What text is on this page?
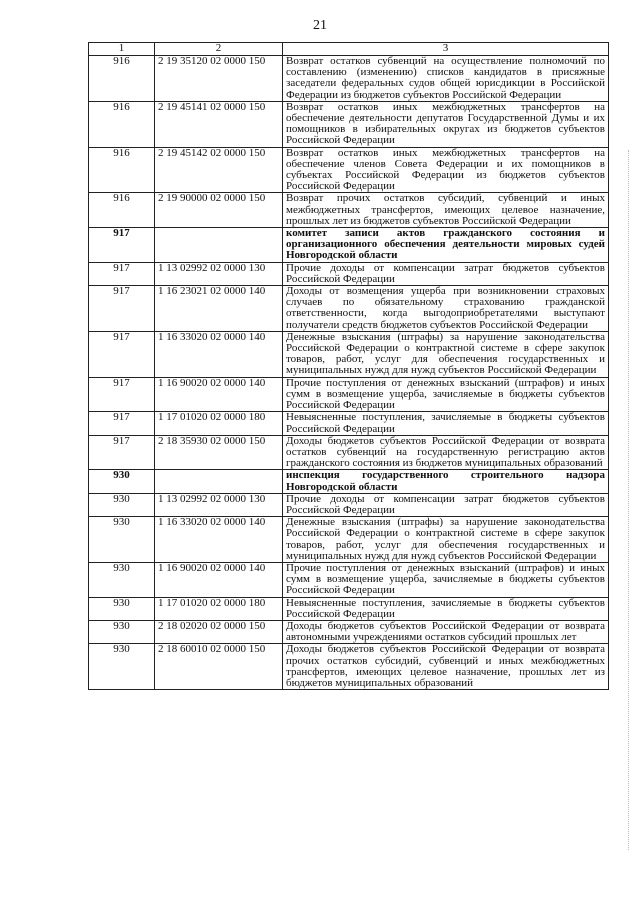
21
1	2	3
916	2 19 35120 02 0000 150	Возврат остатков субвенций на осуществление полномочий по составлению (изменению) списков кандидатов в присяжные заседатели федеральных судов общей юрисдикции в Российской Федерации из бюджетов субъектов Российской Федерации
916	2 19 45141 02 0000 150	Возврат остатков иных межбюджетных трансфертов на обеспечение деятельности депутатов Государственной Думы и их помощников в избирательных округах из бюджетов субъектов Российской Федерации
916	2 19 45142 02 0000 150	Возврат остатков иных межбюджетных трансфертов на обеспечение членов Совета Федерации и их помощников в субъектах Российской Федерации из бюджетов субъектов Российской Федерации
916	2 19 90000 02 0000 150	Возврат прочих остатков субсидий, субвенций и иных межбюджетных трансфертов, имеющих целевое назначение, прошлых лет из бюджетов субъектов Российской Федерации
917		комитет записи актов гражданского состояния и организационного обеспечения деятельности мировых судей Новгородской области
917	1 13 02992 02 0000 130	Прочие доходы от компенсации затрат бюджетов субъектов Российской Федерации
917	1 16 23021 02 0000 140	Доходы от возмещения ущерба при возникновении страховых случаев по обязательному страхованию гражданской ответственности, когда выгодоприобретателями выступают получатели средств бюджетов субъектов Российской Федерации
917	1 16 33020 02 0000 140	Денежные взыскания (штрафы) за нарушение законодательства Российской Федерации о контрактной системе в сфере закупок товаров, работ, услуг для обеспечения государственных и муниципальных нужд для нужд субъектов Российской Федерации
917	1 16 90020 02 0000 140	Прочие поступления от денежных взысканий (штрафов) и иных сумм в возмещение ущерба, зачисляемые в бюджеты субъектов Российской Федерации
917	1 17 01020 02 0000 180	Невыясненные поступления, зачисляемые в бюджеты субъектов Российской Федерации
917	2 18 35930 02 0000 150	Доходы бюджетов субъектов Российской Федерации от возврата остатков субвенций на государственную регистрацию актов гражданского состояния из бюджетов муниципальных образований
930		инспекция государственного строительного надзора Новгородской области
930	1 13 02992 02 0000 130	Прочие доходы от компенсации затрат бюджетов субъектов Российской Федерации
930	1 16 33020 02 0000 140	Денежные взыскания (штрафы) за нарушение законодательства Российской Федерации о контрактной системе в сфере закупок товаров, работ, услуг для обеспечения государственных и муниципальных нужд для нужд субъектов Российской Федерации
930	1 16 90020 02 0000 140	Прочие поступления от денежных взысканий (штрафов) и иных сумм в возмещение ущерба, зачисляемые в бюджеты субъектов Российской Федерации
930	1 17 01020 02 0000 180	Невыясненные поступления, зачисляемые в бюджеты субъектов Российской Федерации
930	2 18 02020 02 0000 150	Доходы бюджетов субъектов Российской Федерации от возврата автономными учреждениями остатков субсидий прошлых лет
930	2 18 60010 02 0000 150	Доходы бюджетов субъектов Российской Федерации от возврата прочих остатков субсидий, субвенций и иных межбюджетных трансфертов, имеющих целевое назначение, прошлых лет из бюджетов муниципальных образований
